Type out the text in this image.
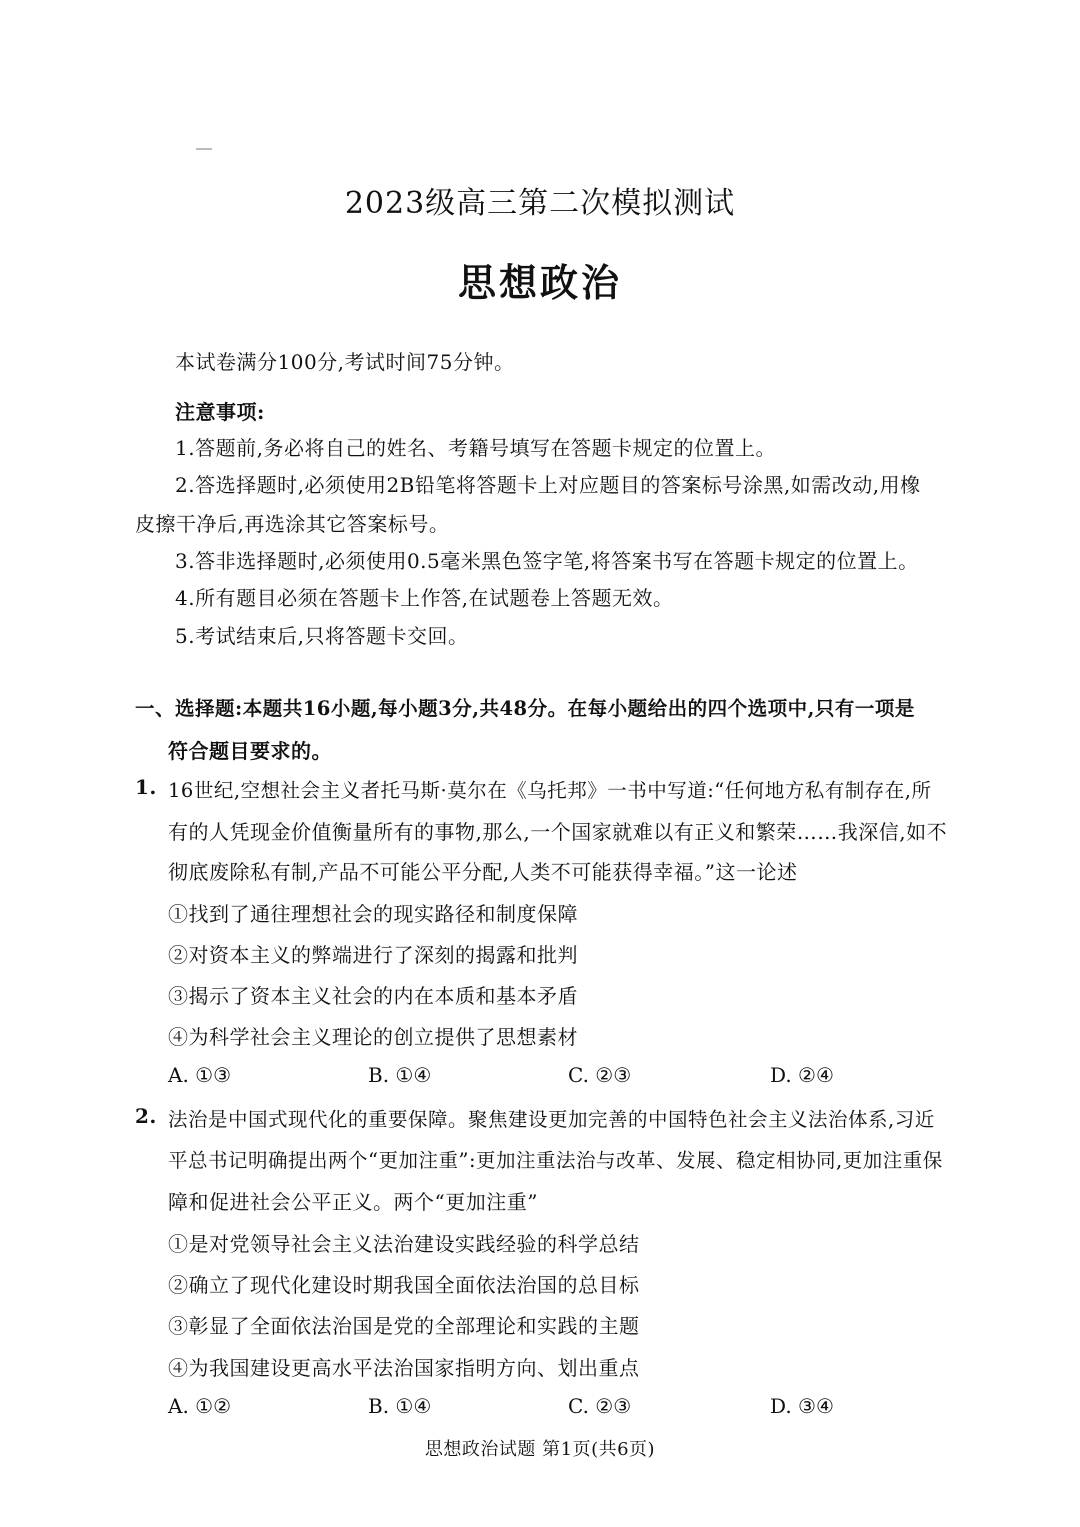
2023级高三第二次模拟测试
思想政治
本试卷满分100分,考试时间75分钟。
注意事项:
1.答题前,务必将自己的姓名、考籍号填写在答题卡规定的位置上。
2.答选择题时,必须使用2B铅笔将答题卡上对应题目的答案标号涂黑,如需改动,用橡
皮擦干净后,再选涂其它答案标号。
3.答非选择题时,必须使用0.5毫米黑色签字笔,将答案书写在答题卡规定的位置上。
4.所有题目必须在答题卡上作答,在试题卷上答题无效。
5.考试结束后,只将答题卡交回。
一、选择题:本题共16小题,每小题3分,共48分。在每小题给出的四个选项中,只有一项是
符合题目要求的。
1. 16世纪,空想社会主义者托马斯·莫尔在《乌托邦》一书中写道:“任何地方私有制存在,所
有的人凭现金价值衡量所有的事物,那么,一个国家就难以有正义和繁荣……我深信,如不
彻底废除私有制,产品不可能公平分配,人类不可能获得幸福。”这一论述
①找到了通往理想社会的现实路径和制度保障
②对资本主义的弊端进行了深刻的揭露和批判
③揭示了资本主义社会的内在本质和基本矛盾
④为科学社会主义理论的创立提供了思想素材
A. ①③	B. ①④	C. ②③	D. ②④
2. 法治是中国式现代化的重要保障。聚焦建设更加完善的中国特色社会主义法治体系,习近
平总书记明确提出两个“更加注重”:更加注重法治与改革、发展、稳定相协同,更加注重保
障和促进社会公平正义。两个“更加注重”
①是对党领导社会主义法治建设实践经验的科学总结
②确立了现代化建设时期我国全面依法治国的总目标
③彰显了全面依法治国是党的全部理论和实践的主题
④为我国建设更高水平法治国家指明方向、划出重点
A. ①②	B. ①④	C. ②③	D. ③④
思想政治试题 第1页(共6页)
